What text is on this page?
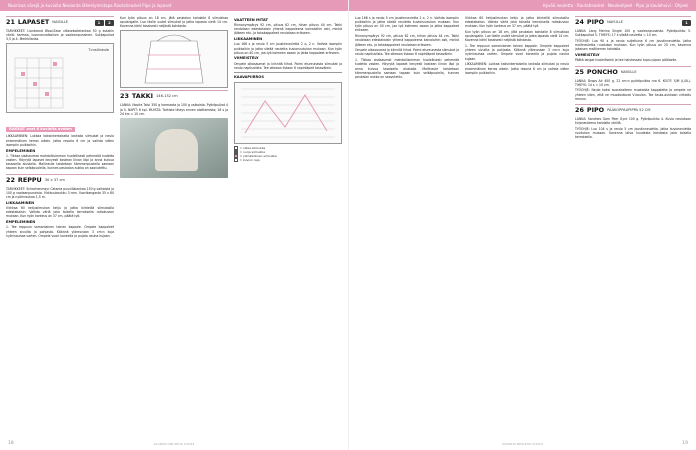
Nuorisoa värejä ja kuvioita Neulonta lähestymistapa Rautatieaskel Pipo ja lapaset
21 LAPASET NAISILLE	1	2

TARVIKKEET: Lionbrand Wool-Ease villasekoitelankaa 50 g kutakin väriä: harmaa, luonnonvalkoinen ja vaaleanpunainen. Sukkapuikot 3,5 ja 4. Merkkilanka.

T-mallineule
RAKKAT ovat 6 kuvioita avaten

LIKKAAMINEN: Lukkaa kaksinkertaisella lankalla silmukat ja neulo ensimmäinen kerros oikein. Jatka resoria 6 cm ja vaihda sitten isompiin puikkoihin.

EMPELEMINEN

1. Tikkaa sisäsaumat mahdollisimman huolellisesti pehmeää kudetta vasten. Höyrytä lapaset kevyesti kostean liinan läpi ja anna kuivua tasaisella alustalla. Mallineule toistetaan kämmenpuolella samaan tapaan kuin selkäpuolella, kunnes peukalon aukko on saavutettu.

22 REPPU 30 x 37 cm

TARVIKKEET: Schachenmayr Catania puuvillalankaa 150 g valkoista ja 100 g vaaleanpunaista. Virkkuukoukku 3 mm. Vuorikangasta 35 x 80 cm ja nyörinauhaa 1,5 m.

LIKKAAMINEN

Virkkaa 60 ketjusilmukan ketju ja jatka kiinteillä silmukoilla edestakaisin. Vaihda väriä joka toisella kerroksella raitakuvion mukaan. Kun työn korkeus on 37 cm, päätä työ.

EMPELEMINEN

1. Tee reppuun samanlainen toinen kappale. Ompele kappaleet yhteen sivuilta ja pohjasta. Käännä yläreunaan 3 cm:n kuja nyörinauhaa varten. Ompele vuori koneella ja pujota nauha kujaan.

Kun työn pituus on 18 cm, jätä peukalon kohdalle 8 silmukkaa apulangalle. Luo tilalle uudet silmukat ja jatka lapasta vielä 14 cm. Kavenna kärki tasaisesti neljästä kohdasta.

23 TAKKI 146-152 cm

LANKA: Novita Talvi 350 g harmaata ja 100 g valkoista. Pyöröpuikot 4 ja 5. NAPIT: 6 kpl. MUISTA: Tarkista tiheys ennen aloittamista; 18 s ja 24 krs = 10 cm.

VAATTEEN MITAT

Rinnanympärys 92 cm, pituus 62 cm, hihan pituus 44 cm. Takki neulotaan edestakaisin yhtenä kappaleena kainaloihin asti, minkä jälkeen etu- ja takakappaleet neulotaan erikseen.

LIKKAAMINEN

Luo 166 s ja neulo 5 cm joustinneuletta 2 o, 2 n. Vaihda isompiin puikkoihin ja jatka sileää neuletta kuvioruudukon mukaan. Kun työn pituus on 40 cm, jaa työ kolmeen osaan ja jatka kappaleet erikseen.

VIIMEISTELY

Ompele olkasaumat ja kiinnitä hihat. Poimi etureunasta silmukat ja neulo napituslista. Tee oikeaan listaan 6 napinläpeä tasavälein.

KAAVAPIIRROS
= oikea silmukka
= nurja silmukka
= ylimääräinen silmukka
= kuvion raja
18	KAUNIITA NEULEITA 5/2024
Hyvää neuletta · Rautatieaskel · Neuleohjeet · Pipo ja kaulahuivi · Ohjeet

Luo 166 s ja neulo 5 cm joustinneuletta 2 o, 2 n. Vaihda isompiin puikkoihin ja jatka sileää neuletta kuvioruudukon mukaan. Kun työn pituus on 40 cm, jaa työ kolmeen osaan ja jatka kappaleet erikseen.

Rinnanympärys 92 cm, pituus 62 cm, hihan pituus 44 cm. Takki neulotaan edestakaisin yhtenä kappaleena kainaloihin asti, minkä jälkeen etu- ja takakappaleet neulotaan erikseen.

Ompele olkasaumat ja kiinnitä hihat. Poimi etureunasta silmukat ja neulo napituslista. Tee oikeaan listaan 6 napinläpeä tasavälein.

1. Tikkaa sisäsaumat mahdollisimman huolellisesti pehmeää kudetta vasten. Höyrytä lapaset kevyesti kostean liinan läpi ja anna kuivua tasaisella alustalla. Mallineule toistetaan kämmenpuolella samaan tapaan kuin selkäpuolella, kunnes peukalon aukko on saavutettu.

Virkkaa 60 ketjusilmukan ketju ja jatka kiinteillä silmukoilla edestakaisin. Vaihda väriä joka toisella kerroksella raitakuvion mukaan. Kun työn korkeus on 37 cm, päätä työ.

Kun työn pituus on 18 cm, jätä peukalon kohdalle 8 silmukkaa apulangalle. Luo tilalle uudet silmukat ja jatka lapasta vielä 14 cm. Kavenna kärki tasaisesti neljästä kohdasta.

1. Tee reppuun samanlainen toinen kappale. Ompele kappaleet yhteen sivuilta ja pohjasta. Käännä yläreunaan 3 cm:n kuja nyörinauhaa varten. Ompele vuori koneella ja pujota nauha kujaan.

LIKKAAMINEN: Lukkaa kaksinkertaisella lankalla silmukat ja neulo ensimmäinen kerros oikein. Jatka resoria 6 cm ja vaihda sitten isompiin puikkoihin.

24 PIPO NAISILLE	1

LANKA: Lang Merino Single 100 g vaaleanpunaista. Pyöröpuikko 5. Sukkapuikot 5. TIHEYS: 17 s sileää neuletta = 10 cm.

TYÖOHJE: Luo 90 s ja neulo suljettuna 6 cm joustinneuletta. Jatka mallineuletta ruudukon mukaan. Kun työn pituus on 20 cm, kavenna jokaisen mallikerran kohdalla.

VIIMEISTELY

Päätä langat huolellisesti ja tee halutessasi tupsu pipon päälaelle.

25 PONCHO NAISILLE

LANKA: Drops Air 450 g, 22 cm:n pyöröpuikko nro 6. KOOT: S/M (L/XL). TIHEYS: 14 s = 10 cm.

TYÖOHJE: Neulo kaksi suorakaiteen muotoista kappaletta ja ompele ne yhteen siten, että ne muodostavat V-kaulan. Tee kaula-aukkoon virkattu reunus.

26 PIPO PÄÄKOPPAUPIPPA 52 CM

LANKA: Sandnes Garn Peer Gynt 100 g. Pyöröpuikko 4. Kuvio neulotaan kirjoneuleena kahdella värillä.

TYÖOHJE: Luo 104 s ja neulo 5 cm joustinneuletta. Jatka kuvioneuletta ruudukon mukaan. Kavenna latva kuudesta kohdasta joka toisella kerroksella.

19
KAUNIITA NEULEITA 5/2024
